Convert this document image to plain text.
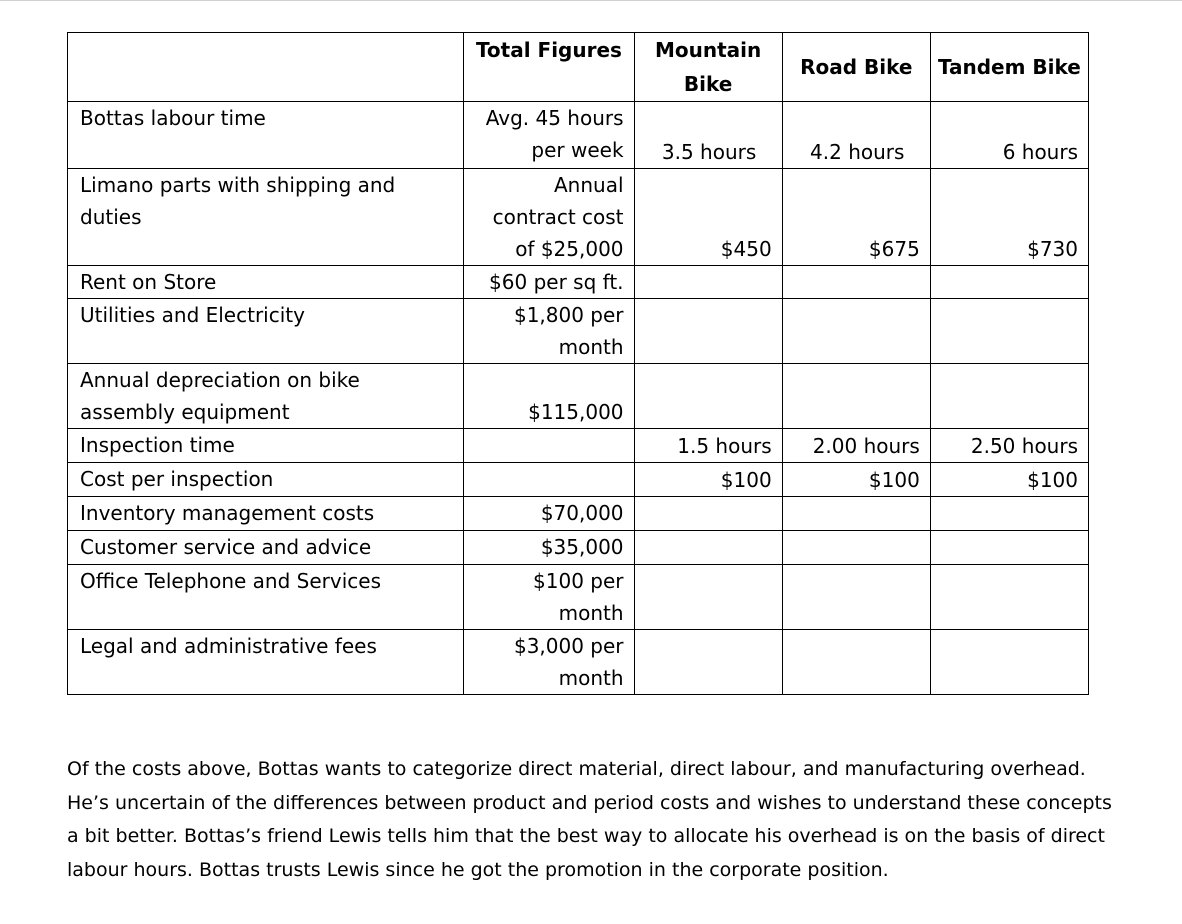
	Total Figures	Mountain Bike	Road Bike	Tandem Bike
Bottas labour time	Avg. 45 hours per week	3.5 hours	4.2 hours	6 hours
Limano parts with shipping and duties	Annual contract cost of $25,000	$450	$675	$730
Rent on Store	$60 per sq ft.			
Utilities and Electricity	$1,800 per month			
Annual depreciation on bike assembly equipment	$115,000			
Inspection time		1.5 hours	2.00 hours	2.50 hours
Cost per inspection		$100	$100	$100
Inventory management costs	$70,000			
Customer service and advice	$35,000			
Office Telephone and Services	$100 per month			
Legal and administrative fees	$3,000 per month			

Of the costs above, Bottas wants to categorize direct material, direct labour, and manufacturing overhead. He’s uncertain of the differences between product and period costs and wishes to understand these concepts a bit better. Bottas’s friend Lewis tells him that the best way to allocate his overhead is on the basis of direct labour hours. Bottas trusts Lewis since he got the promotion in the corporate position.
